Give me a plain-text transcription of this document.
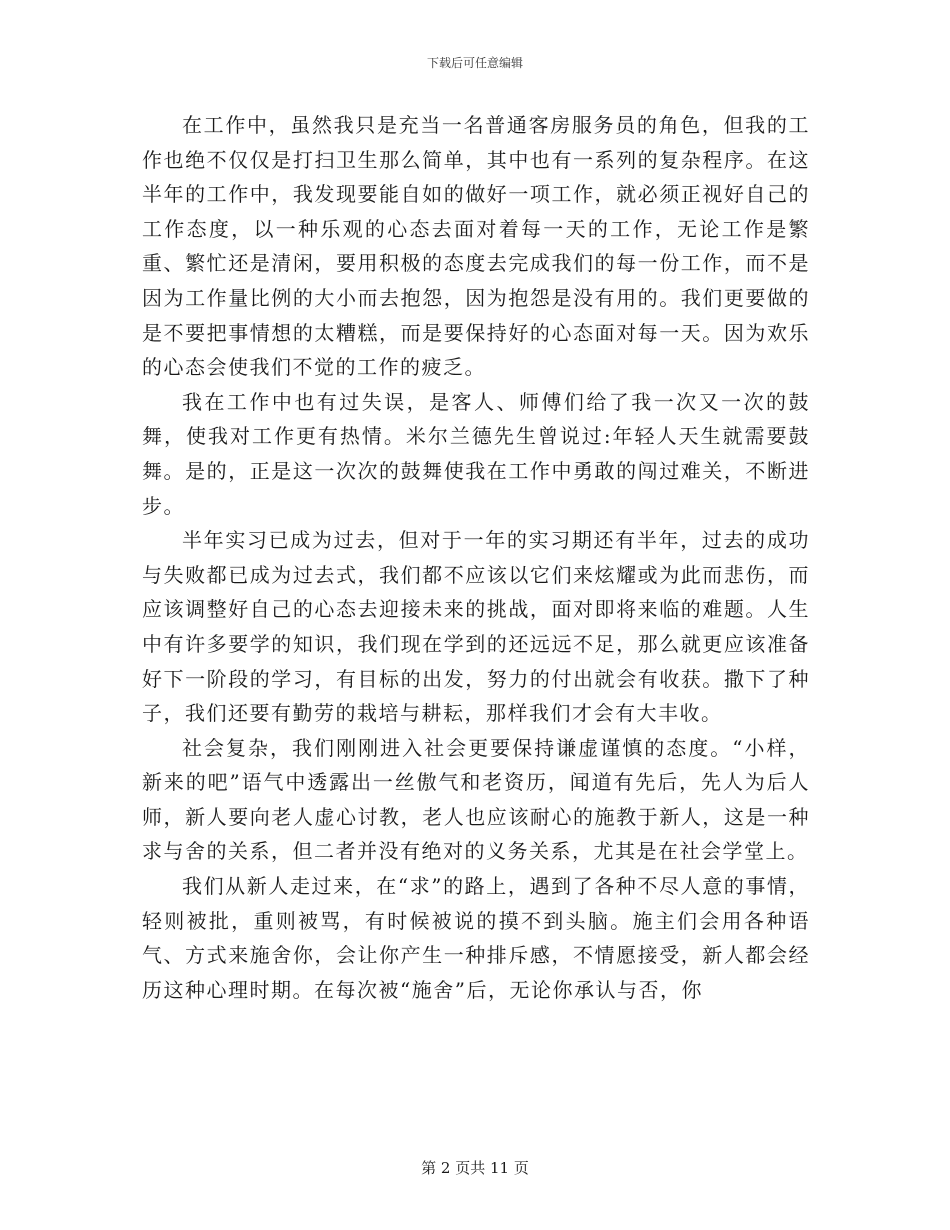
下载后可任意编辑

在工作中，虽然我只是充当一名普通客房服务员的角色，但我的工作也绝不仅仅是打扫卫生那么简单，其中也有一系列的复杂程序。在这半年的工作中，我发现要能自如的做好一项工作，就必须正视好自己的工作态度，以一种乐观的心态去面对着每一天的工作，无论工作是繁重、繁忙还是清闲，要用积极的态度去完成我们的每一份工作，而不是因为工作量比例的大小而去抱怨，因为抱怨是没有用的。我们更要做的是不要把事情想的太糟糕，而是要保持好的心态面对每一天。因为欢乐的心态会使我们不觉的工作的疲乏。

我在工作中也有过失误，是客人、师傅们给了我一次又一次的鼓舞，使我对工作更有热情。米尔兰德先生曾说过:年轻人天生就需要鼓舞。是的，正是这一次次的鼓舞使我在工作中勇敢的闯过难关，不断进步。

半年实习已成为过去，但对于一年的实习期还有半年，过去的成功与失败都已成为过去式，我们都不应该以它们来炫耀或为此而悲伤，而应该调整好自己的心态去迎接未来的挑战，面对即将来临的难题。人生中有许多要学的知识，我们现在学到的还远远不足，那么就更应该准备好下一阶段的学习，有目标的出发，努力的付出就会有收获。撒下了种子，我们还要有勤劳的栽培与耕耘，那样我们才会有大丰收。

社会复杂，我们刚刚进入社会更要保持谦虚谨慎的态度。“小样，新来的吧”语气中透露出一丝傲气和老资历，闻道有先后，先人为后人师，新人要向老人虚心讨教，老人也应该耐心的施教于新人，这是一种求与舍的关系，但二者并没有绝对的义务关系，尤其是在社会学堂上。

我们从新人走过来，在“求”的路上，遇到了各种不尽人意的事情，轻则被批，重则被骂，有时候被说的摸不到头脑。施主们会用各种语气、方式来施舍你，会让你产生一种排斥感，不情愿接受，新人都会经历这种心理时期。在每次被“施舍”后，无论你承认与否，你

第 2 页共 11 页
